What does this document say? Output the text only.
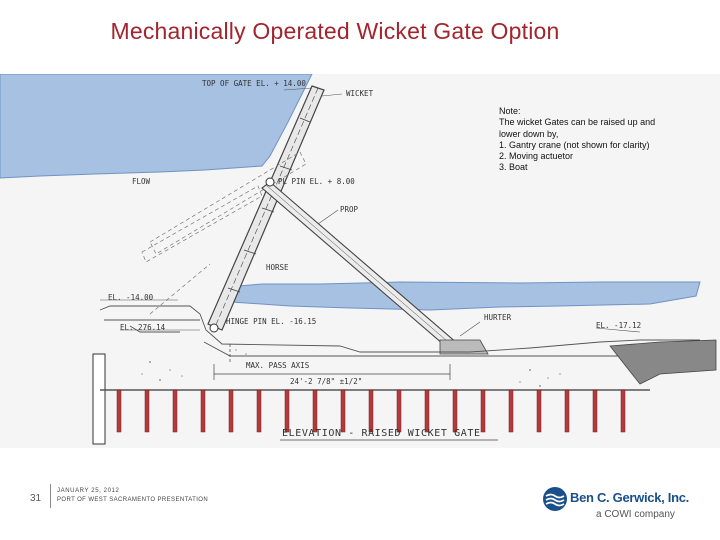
Mechanically Operated Wicket Gate Option
TOP OF GATE EL. + 14.00
WICKET
FLOW	PL PIN EL. + 8.00
PROP
HORSE
EL. -14.00
EL. 276.14
HINGE PIN EL. -16.15	HURTER
EL. -17.12
MAX. PASS AXIS
24'-2 7/8" ±1/2"
ELEVATION - RAISED WICKET GATE
Note:
The wicket Gates can be raised up and
lower down by,
1. Gantry crane (not shown for clarity)
2. Moving actuetor
3. Boat
31
JANUARY 25, 2012
PORT OF WEST SACRAMENTO PRESENTATION	Ben C. Gerwick, Inc.
a COWI company
